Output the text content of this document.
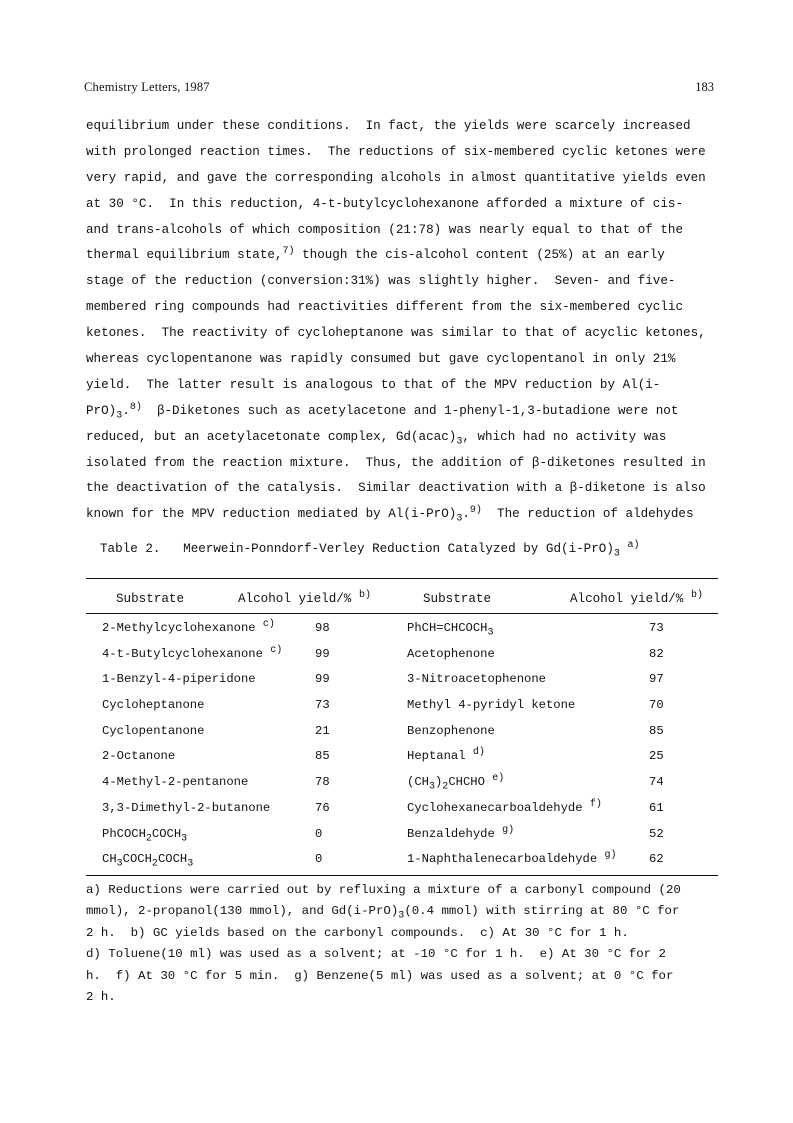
Chemistry Letters, 1987	183
equilibrium under these conditions.  In fact, the yields were scarcely increased
with prolonged reaction times.  The reductions of six-membered cyclic ketones were
very rapid, and gave the corresponding alcohols in almost quantitative yields even
at 30 °C.  In this reduction, 4-t-butylcyclohexanone afforded a mixture of cis-
and trans-alcohols of which composition (21:78) was nearly equal to that of the
thermal equilibrium state,$^{7)}$ though the cis-alcohol content (25%) at an early
stage of the reduction (conversion:31%) was slightly higher.  Seven- and five-
membered ring compounds had reactivities different from the six-membered cyclic
ketones.  The reactivity of cycloheptanone was similar to that of acyclic ketones,
whereas cyclopentanone was rapidly consumed but gave cyclopentanol in only 21%
yield.  The latter result is analogous to that of the MPV reduction by Al(i-
$PrO)_3.^{8)}$  β-Diketones such as acetylacetone and 1-phenyl-1,3-butadione were not
reduced, but an acetylacetonate complex, $Gd(acac)_3$, which had no activity was
isolated from the reaction mixture.  Thus, the addition of β-diketones resulted in
the deactivation of the catalysis.  Similar deactivation with a β-diketone is also
known for the MPV reduction mediated by $Al(i-PrO)_3.^{9)}$  The reduction of aldehydes
Table 2.   Meerwein-Ponndorf-Verley Reduction Catalyzed by $Gd(i-PrO)_3$ $^{a)}$
Substrate	Alcohol yield/% $^{b)}$	Substrate	Alcohol yield/% $^{b)}$
2-Methylcyclohexanone $^{c)}$	98	$PhCH=CHCOCH_3$	73
4-t-Butylcyclohexanone $^{c)}$	99	Acetophenone	82
1-Benzyl-4-piperidone	99	3-Nitroacetophenone	97
Cycloheptanone	73	Methyl 4-pyridyl ketone	70
Cyclopentanone	21	Benzophenone	85
2-Octanone	85	Heptanal $^{d)}$	25
4-Methyl-2-pentanone	78	$(CH_3)_2CHCHO$ $^{e)}$	74
3,3-Dimethyl-2-butanone	76	Cyclohexanecarboaldehyde $^{f)}$	61
$PhCOCH_2COCH_3$	0	Benzaldehyde $^{g)}$	52
$CH_3COCH_2COCH_3$	0	1-Naphthalenecarboaldehyde $^{g)}$	62
a) Reductions were carried out by refluxing a mixture of a carbonyl compound (20
mmol), 2-propanol(130 mmol), and $Gd(i-PrO)_3(0.4$ mmol) with stirring at 80 °C for
2 h.  b) GC yields based on the carbonyl compounds.  c) At 30 °C for 1 h.
d) Toluene(10 ml) was used as a solvent; at -10 °C for 1 h.  e) At 30 °C for 2
h.  f) At 30 °C for 5 min.  g) Benzene(5 ml) was used as a solvent; at 0 °C for
2 h.
